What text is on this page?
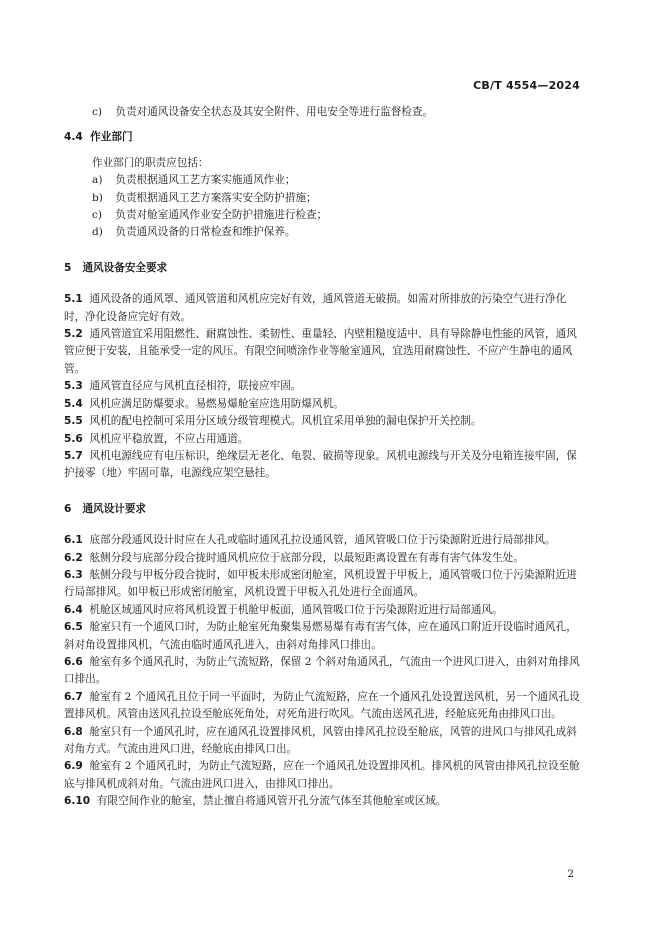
CB/T 4554—2024

c) 负责对通风设备安全状态及其安全附件、用电安全等进行监督检查。

4.4 作业部门

作业部门的职责应包括：

a) 负责根据通风工艺方案实施通风作业；

b) 负责根据通风工艺方案落实安全防护措施；

c) 负责对舱室通风作业安全防护措施进行检查；

d) 负责通风设备的日常检查和维护保养。

5 通风设备安全要求

5.1 通风设备的通风罩、通风管道和风机应完好有效，通风管道无破损。如需对所排放的污染空气进行净化时，净化设备应完好有效。

5.2 通风管道宜采用阻燃性、耐腐蚀性、柔韧性、重量轻、内壁粗糙度适中、具有导除静电性能的风管，通风管应便于安装，且能承受一定的风压。有限空间喷涂作业等舱室通风，宜选用耐腐蚀性、不应产生静电的通风管。

5.3 通风管直径应与风机直径相符，联接应牢固。

5.4 风机应满足防爆要求。易燃易爆舱室应选用防爆风机。

5.5 风机的配电控制可采用分区域分级管理模式。风机宜采用单独的漏电保护开关控制。

5.6 风机应平稳放置，不应占用通道。

5.7 风机电源线应有电压标识，绝缘层无老化、龟裂、破损等现象。风机电源线与开关及分电箱连接牢固，保护接零（地）牢固可靠，电源线应架空悬挂。

6 通风设计要求

6.1 底部分段通风设计时应在人孔或临时通风孔拉设通风管，通风管吸口位于污染源附近进行局部排风。

6.2 舷侧分段与底部分段合拢时通风机应位于底部分段，以最短距离设置在有毒有害气体发生处。

6.3 舷侧分段与甲板分段合拢时，如甲板未形成密闭舱室，风机设置于甲板上，通风管吸口位于污染源附近进行局部排风。如甲板已形成密闭舱室，风机设置于甲板入孔处进行全面通风。

6.4 机舱区域通风时应将风机设置于机舱甲板面，通风管吸口位于污染源附近进行局部通风。

6.5 舱室只有一个通风口时，为防止舱室死角聚集易燃易爆有毒有害气体，应在通风口附近开设临时通风孔，斜对角设置排风机，气流由临时通风孔进入，由斜对角排风口排出。

6.6 舱室有多个通风孔时，为防止气流短路，保留 2 个斜对角通风孔，气流由一个进风口进入，由斜对角排风口排出。

6.7 舱室有 2 个通风孔且位于同一平面时，为防止气流短路，应在一个通风孔处设置送风机，另一个通风孔设置排风机。风管由送风孔拉设至舱底死角处，对死角进行吹风。气流由送风孔进，经舱底死角由排风口出。

6.8 舱室只有一个通风孔时，应在通风孔设置排风机，风管由排风孔拉设至舱底，风管的进风口与排风孔成斜对角方式。气流由进风口进，经舱底由排风口出。

6.9 舱室有 2 个通风孔时，为防止气流短路，应在一个通风孔处设置排风机。排风机的风管由排风孔拉设至舱底与排风机成斜对角。气流由进风口进入，由排风口排出。

6.10 有限空间作业的舱室，禁止擅自将通风管开孔分流气体至其他舱室或区域。

2
